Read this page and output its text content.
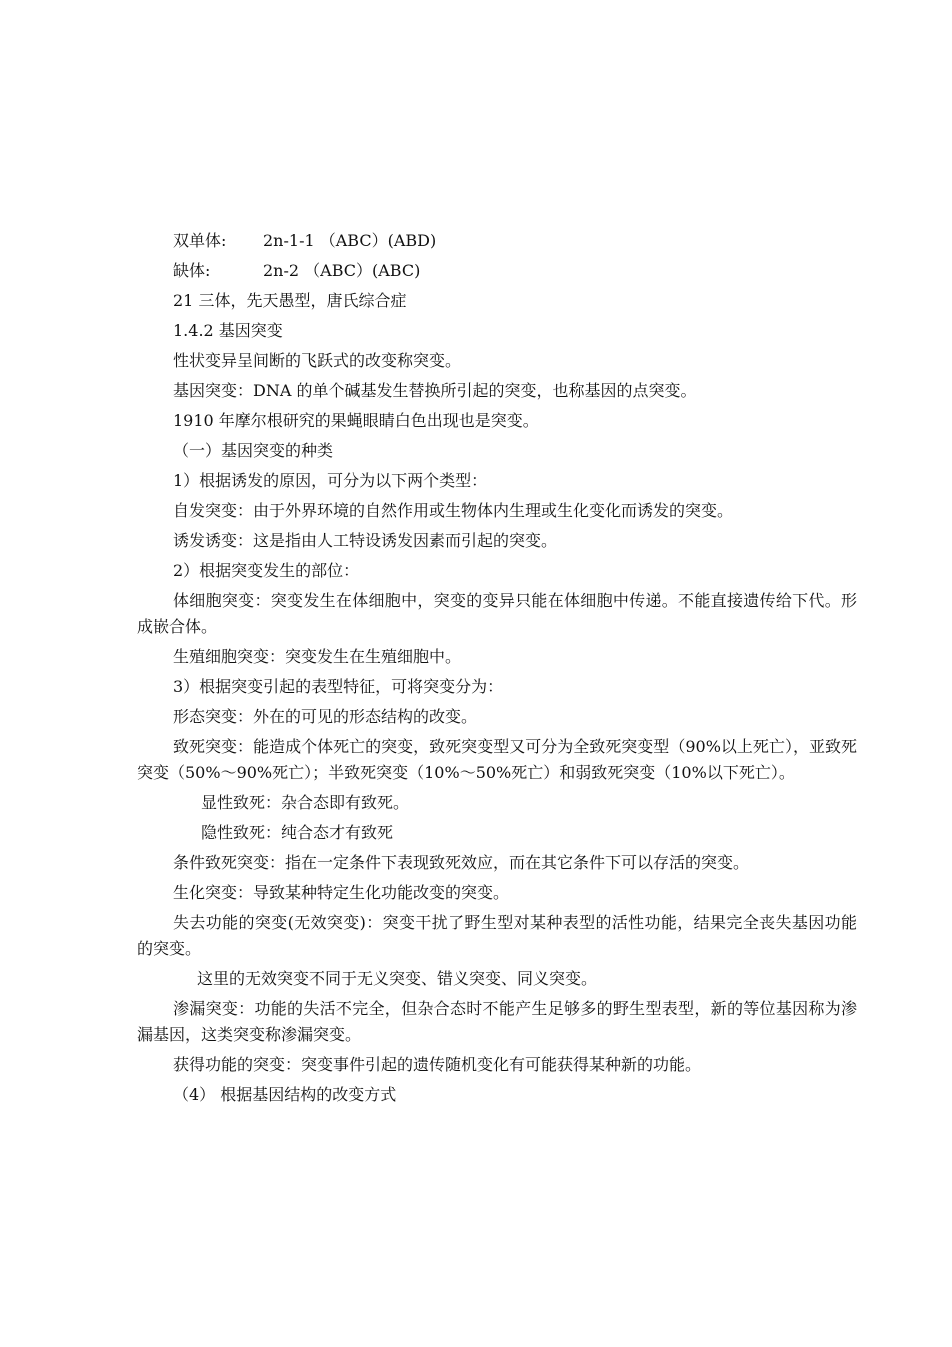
双单体:	2n-1-1 （ABC）(ABD)
缺体:	2n-2 （ABC）(ABC)

21 三体，先天愚型，唐氏综合症

1.4.2 基因突变

性状变异呈间断的飞跃式的改变称突变。

基因突变：DNA 的单个碱基发生替换所引起的突变，也称基因的点突变。

1910 年摩尔根研究的果蝇眼睛白色出现也是突变。

（一）基因突变的种类

1）根据诱发的原因，可分为以下两个类型：

自发突变：由于外界环境的自然作用或生物体内生理或生化变化而诱发的突变。

诱发诱变：这是指由人工特设诱发因素而引起的突变。

2）根据突变发生的部位：

体细胞突变：突变发生在体细胞中，突变的变异只能在体细胞中传递。不能直接遗传给下代。形成嵌合体。

生殖细胞突变：突变发生在生殖细胞中。

3）根据突变引起的表型特征，可将突变分为：

形态突变：外在的可见的形态结构的改变。

致死突变：能造成个体死亡的突变，致死突变型又可分为全致死突变型（90%以上死亡），亚致死突变（50%～90%死亡）；半致死突变（10%～50%死亡）和弱致死突变（10%以下死亡）。

显性致死：杂合态即有致死。

隐性致死：纯合态才有致死

条件致死突变：指在一定条件下表现致死效应，而在其它条件下可以存活的突变。

生化突变：导致某种特定生化功能改变的突变。

失去功能的突变(无效突变)：突变干扰了野生型对某种表型的活性功能，结果完全丧失基因功能的突变。

这里的无效突变不同于无义突变、错义突变、同义突变。

渗漏突变：功能的失活不完全，但杂合态时不能产生足够多的野生型表型，新的等位基因称为渗漏基因，这类突变称渗漏突变。

获得功能的突变：突变事件引起的遗传随机变化有可能获得某种新的功能。

（4） 根据基因结构的改变方式
